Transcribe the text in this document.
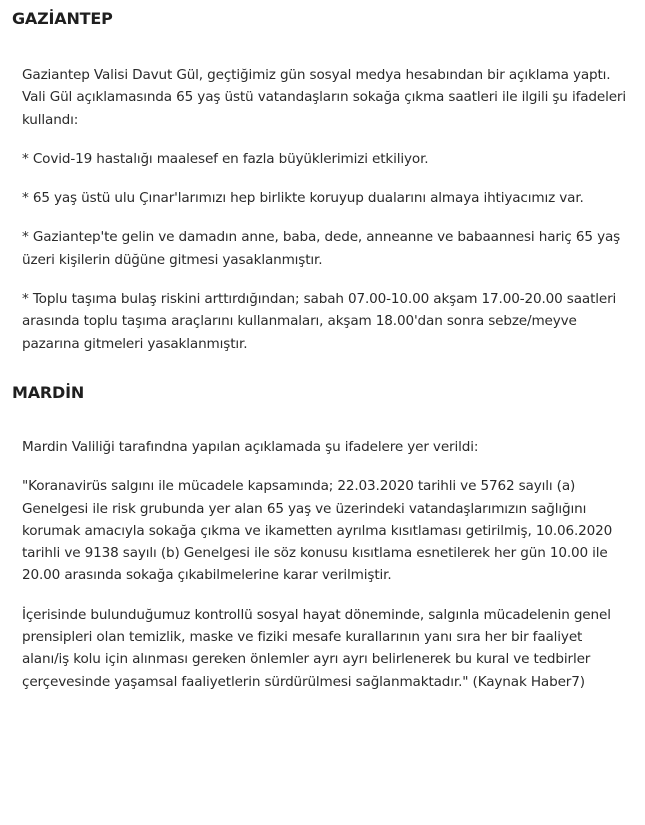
GAZİANTEP

Gaziantep Valisi Davut Gül, geçtiğimiz gün sosyal medya hesabından bir açıklama yaptı. Vali Gül açıklamasında 65 yaş üstü vatandaşların sokağa çıkma saatleri ile ilgili şu ifadeleri kullandı:

* Covid-19 hastalığı maalesef en fazla büyüklerimizi etkiliyor.

* 65 yaş üstü ulu Çınar'larımızı hep birlikte koruyup dualarını almaya ihtiyacımız var.

* Gaziantep'te gelin ve damadın anne, baba, dede, anneanne ve babaannesi hariç 65 yaş üzeri kişilerin düğüne gitmesi yasaklanmıştır.

* Toplu taşıma bulaş riskini arttırdığından; sabah 07.00-10.00 akşam 17.00-20.00 saatleri arasında toplu taşıma araçlarını kullanmaları, akşam 18.00'dan sonra sebze/meyve pazarına gitmeleri yasaklanmıştır.

MARDİN

Mardin Valiliği tarafındna yapılan açıklamada şu ifadelere yer verildi:

"Koranavirüs salgını ile mücadele kapsamında; 22.03.2020 tarihli ve 5762 sayılı (a) Genelgesi ile risk grubunda yer alan 65 yaş ve üzerindeki vatandaşlarımızın sağlığını korumak amacıyla sokağa çıkma ve ikametten ayrılma kısıtlaması getirilmiş, 10.06.2020 tarihli ve 9138 sayılı (b) Genelgesi ile söz konusu kısıtlama esnetilerek her gün 10.00 ile 20.00 arasında sokağa çıkabilmelerine karar verilmiştir.

İçerisinde bulunduğumuz kontrollü sosyal hayat döneminde, salgınla mücadelenin genel prensipleri olan temizlik, maske ve fiziki mesafe kurallarının yanı sıra her bir faaliyet alanı/iş kolu için alınması gereken önlemler ayrı ayrı belirlenerek bu kural ve tedbirler çerçevesinde yaşamsal faaliyetlerin sürdürülmesi sağlanmaktadır." (Kaynak Haber7)
